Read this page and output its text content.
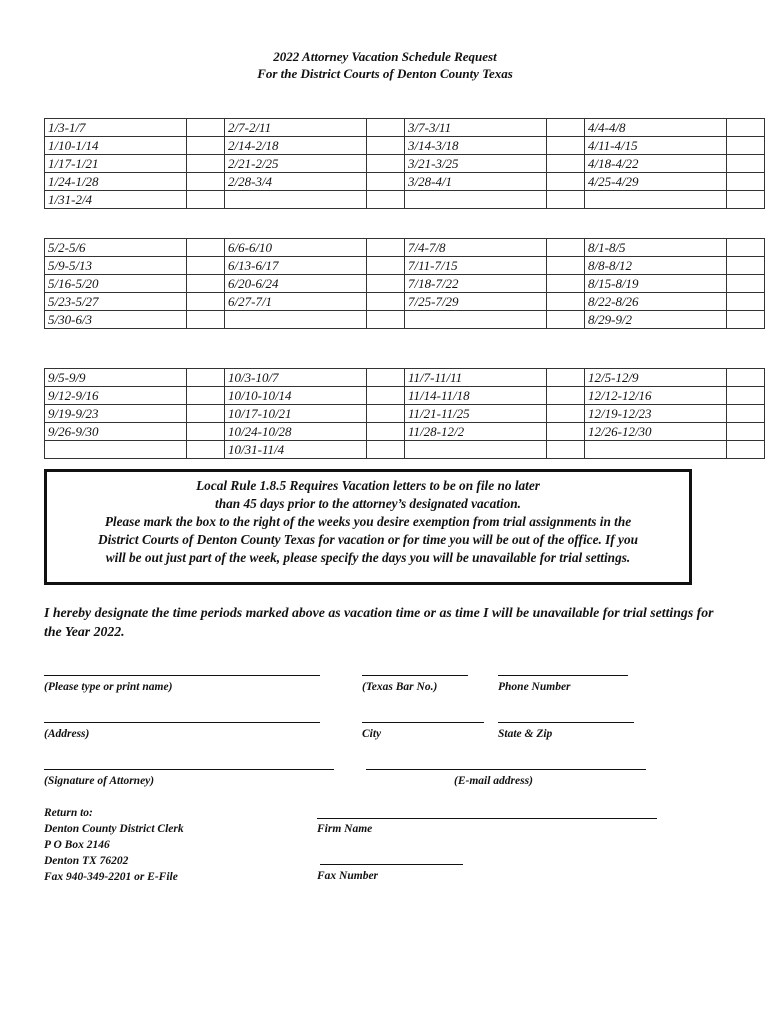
2022 Attorney Vacation Schedule Request
For the District Courts of Denton County Texas
1/3-1/7		2/7-2/11		3/7-3/11		4/4-4/8	
1/10-1/14		2/14-2/18		3/14-3/18		4/11-4/15	
1/17-1/21		2/21-2/25		3/21-3/25		4/18-4/22	
1/24-1/28		2/28-3/4		3/28-4/1		4/25-4/29	
1/31-2/4							
5/2-5/6		6/6-6/10		7/4-7/8		8/1-8/5	
5/9-5/13		6/13-6/17		7/11-7/15		8/8-8/12	
5/16-5/20		6/20-6/24		7/18-7/22		8/15-8/19	
5/23-5/27		6/27-7/1		7/25-7/29		8/22-8/26	
5/30-6/3						8/29-9/2	
9/5-9/9		10/3-10/7		11/7-11/11		12/5-12/9	
9/12-9/16		10/10-10/14		11/14-11/18		12/12-12/16	
9/19-9/23		10/17-10/21		11/21-11/25		12/19-12/23	
9/26-9/30		10/24-10/28		11/28-12/2		12/26-12/30	
		10/31-11/4					
Local Rule 1.8.5 Requires Vacation letters to be on file no later
than 45 days prior to the attorney’s designated vacation.
Please mark the box to the right of the weeks you desire exemption from trial assignments in the
District Courts of Denton County Texas for vacation or for time you will be out of the office. If you
will be out just part of the week, please specify the days you will be unavailable for trial settings.
I hereby designate the time periods marked above as vacation time or as time I will be unavailable for trial settings for the Year 2022.
(Please type or print name)	(Texas Bar No.)	Phone Number
(Address)	City	State & Zip
(Signature of Attorney)	(E-mail address)
Firm Name
Fax Number
Return to:
Denton County District Clerk
P O Box 2146
Denton TX 76202
Fax 940-349-2201 or E-File
